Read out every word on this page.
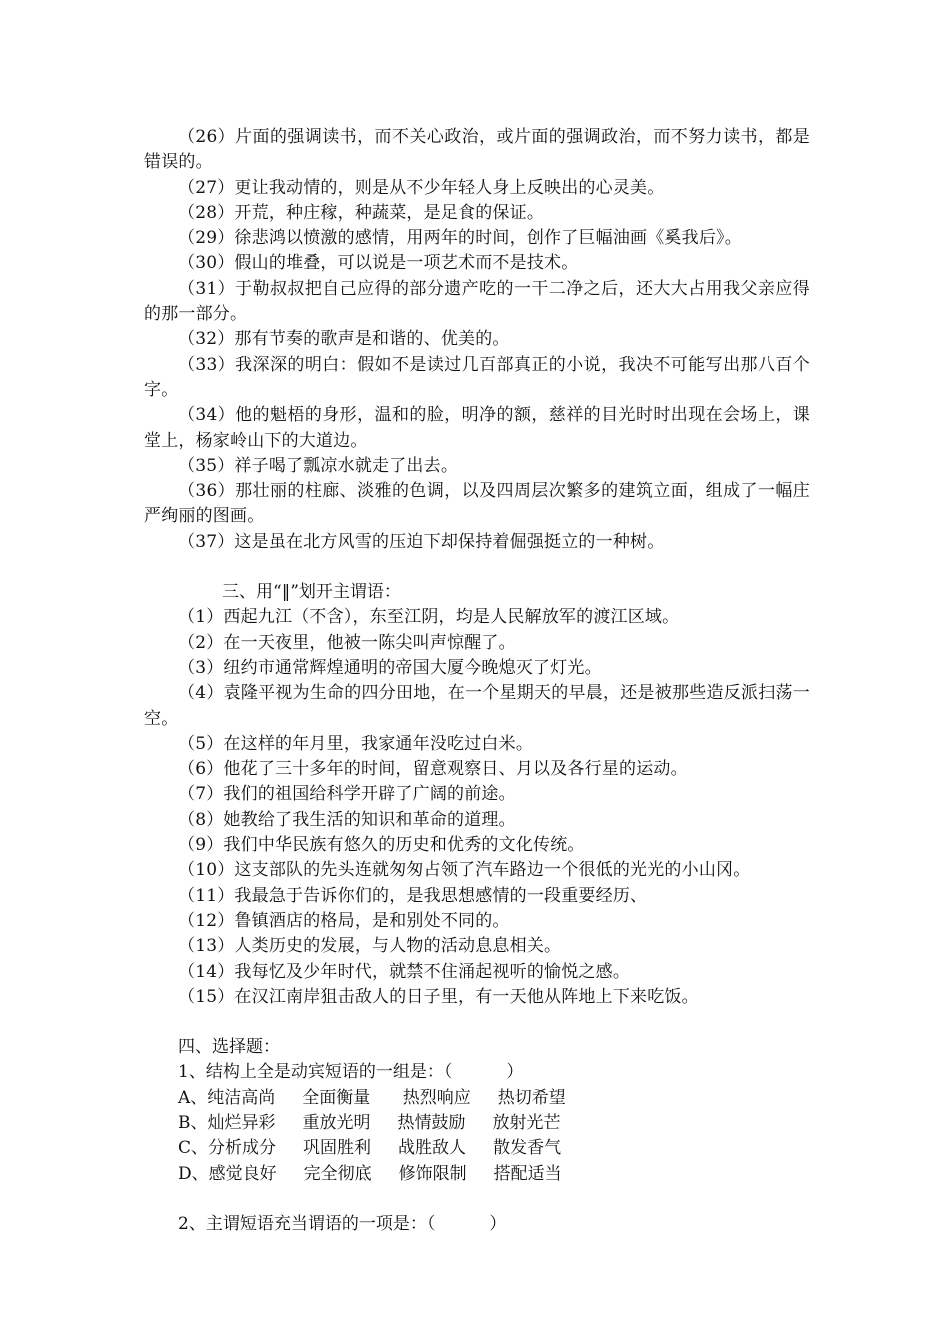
（26）片面的强调读书，而不关心政治，或片面的强调政治，而不努力读书，都是错误的。

（27）更让我动情的，则是从不少年轻人身上反映出的心灵美。

（28）开荒，种庄稼，种蔬菜，是足食的保证。

（29）徐悲鸿以愤激的感情，用两年的时间，创作了巨幅油画《奚我后》。

（30）假山的堆叠，可以说是一项艺术而不是技术。

（31）于勒叔叔把自己应得的部分遗产吃的一干二净之后，还大大占用我父亲应得的那一部分。

（32）那有节奏的歌声是和谐的、优美的。

（33）我深深的明白：假如不是读过几百部真正的小说，我决不可能写出那八百个字。

（34）他的魁梧的身形，温和的脸，明净的额，慈祥的目光时时出现在会场上，课堂上，杨家岭山下的大道边。

（35）祥子喝了瓢凉水就走了出去。

（36）那壮丽的柱廊、淡雅的色调，以及四周层次繁多的建筑立面，组成了一幅庄严绚丽的图画。

（37）这是虽在北方风雪的压迫下却保持着倔强挺立的一种树。

三、用“‖”划开主谓语：

（1）西起九江（不含），东至江阴，均是人民解放军的渡江区域。

（2）在一天夜里，他被一陈尖叫声惊醒了。

（3）纽约市通常辉煌通明的帝国大厦今晚熄灭了灯光。

（4）袁隆平视为生命的四分田地，在一个星期天的早晨，还是被那些造反派扫荡一空。

（5）在这样的年月里，我家通年没吃过白米。

（6）他花了三十多年的时间，留意观察日、月以及各行星的运动。

（7）我们的祖国给科学开辟了广阔的前途。

（8）她教给了我生活的知识和革命的道理。

（9）我们中华民族有悠久的历史和优秀的文化传统。

（10）这支部队的先头连就匆匆占领了汽车路边一个很低的光光的小山冈。

（11）我最急于告诉你们的，是我思想感情的一段重要经历、

（12）鲁镇酒店的格局，是和别处不同的。

（13）人类历史的发展，与人物的活动息息相关。

（14）我每忆及少年时代，就禁不住涌起视听的愉悦之感。

（15）在汉江南岸狙击敌人的日子里，有一天他从阵地上下来吃饭。

四、选择题：

1、结构上全是动宾短语的一组是：（          ）

A、纯洁高尚     全面衡量      热烈响应     热切希望

B、灿烂异彩     重放光明     热情鼓励     放射光芒

C、分析成分     巩固胜利     战胜敌人     散发香气

D、感觉良好     完全彻底     修饰限制     搭配适当

2、主谓短语充当谓语的一项是：（          ）
